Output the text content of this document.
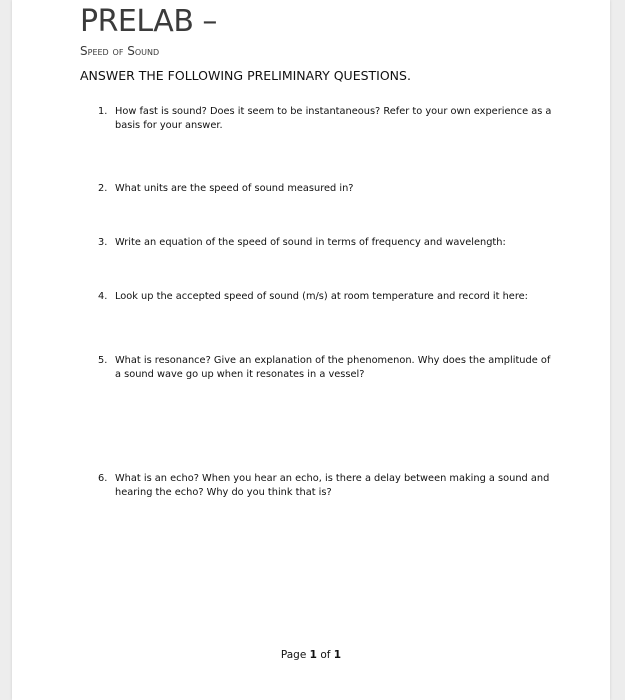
PRELAB –
Speed of Sound
ANSWER THE FOLLOWING PRELIMINARY QUESTIONS.
1. How fast is sound? Does it seem to be instantaneous? Refer to your own experience as a basis for your answer.
2. What units are the speed of sound measured in?
3. Write an equation of the speed of sound in terms of frequency and wavelength:
4. Look up the accepted speed of sound (m/s) at room temperature and record it here:
5. What is resonance? Give an explanation of the phenomenon. Why does the amplitude of a sound wave go up when it resonates in a vessel?
6. What is an echo? When you hear an echo, is there a delay between making a sound and hearing the echo? Why do you think that is?
Page 1 of 1
